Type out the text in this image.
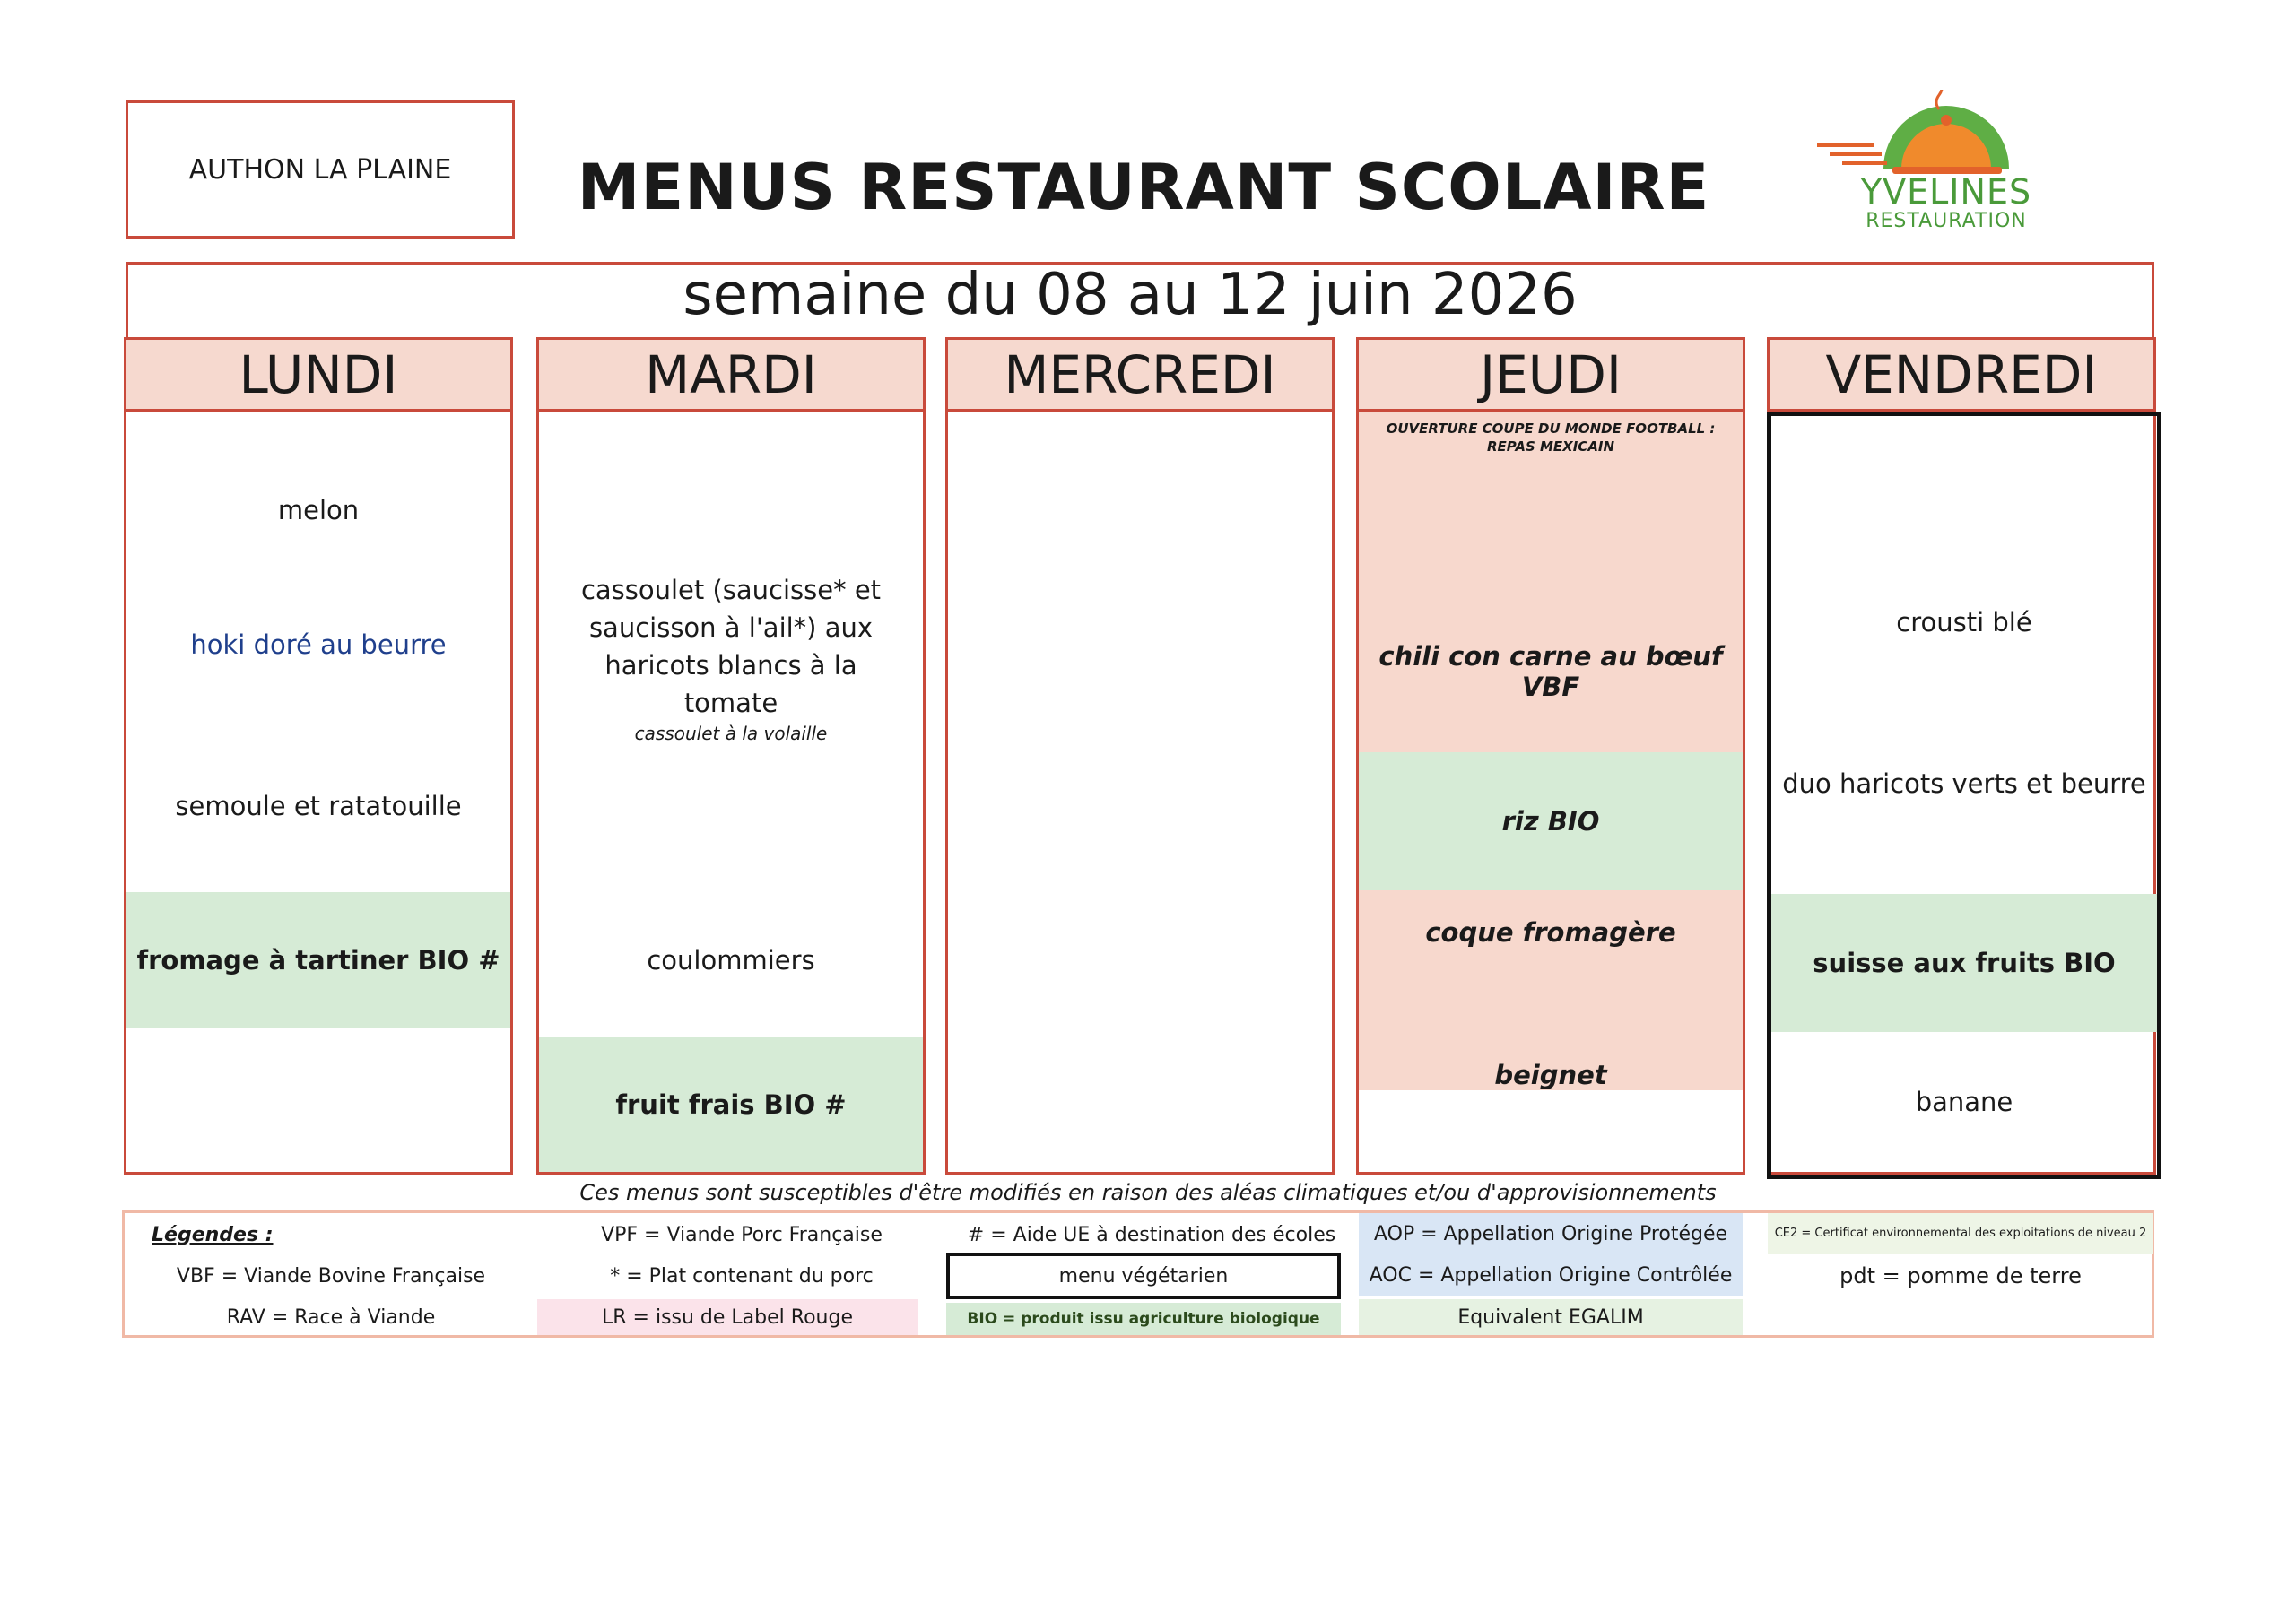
AUTHON LA PLAINE	MENUS RESTAURANT SCOLAIRE	YVELINES
RESTAURATION
semaine du 08 au 12 juin 2026
LUNDI
melon
hoki doré au beurre
semoule et ratatouille
fromage à tartiner BIO #
MARDI
cassoulet (saucisse* et saucisson à l'ail*) aux haricots blancs à la tomate
cassoulet à la volaille
coulommiers
fruit frais BIO #
MERCREDI	JEUDI
OUVERTURE COUPE DU MONDE FOOTBALL : REPAS MEXICAIN
chili con carne au bœuf VBF
riz BIO
coque fromagère
beignet
VENDREDI
crousti blé
duo haricots verts et beurre
suisse aux fruits BIO
banane
Ces menus sont susceptibles d'être modifiés en raison des aléas climatiques et/ou d'approvisionnements
Légendes :
VBF = Viande Bovine Française
RAV = Race à Viande
VPF = Viande Porc Française
* = Plat contenant du porc
LR = issu de Label Rouge
# = Aide UE à destination des écoles
menu végétarien
BIO = produit issu agriculture biologique
AOP = Appellation Origine Protégée
AOC = Appellation Origine Contrôlée
Equivalent EGALIM
CE2 = Certificat environnemental des exploitations de niveau 2
pdt = pomme de terre
